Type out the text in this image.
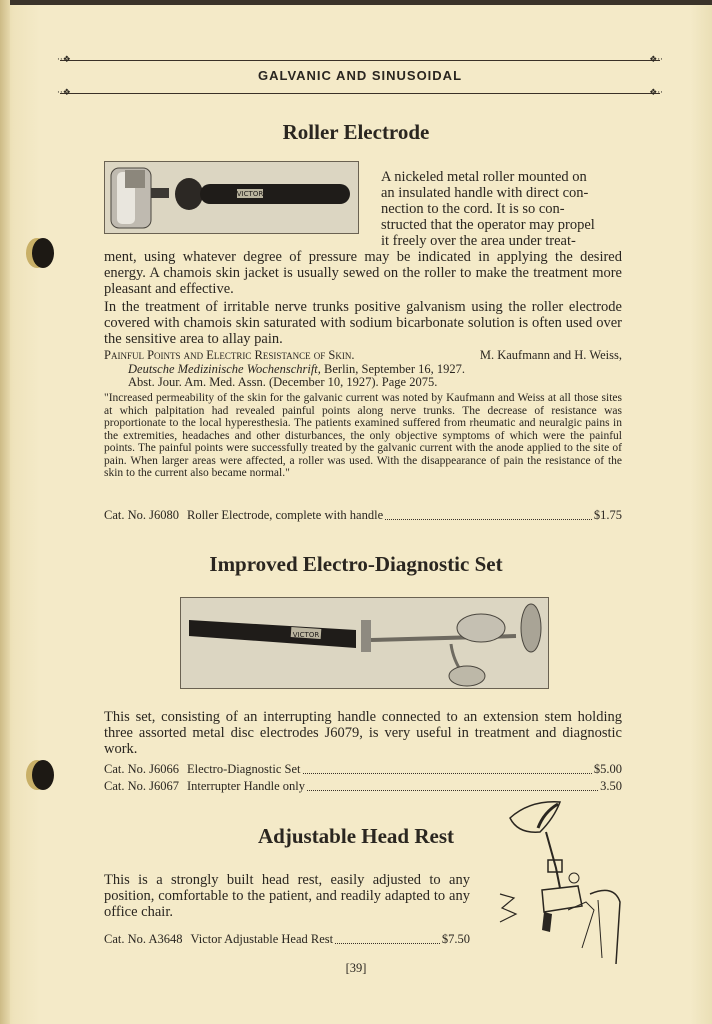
··❖	❖··
GALVANIC AND SINUSOIDAL
··❖	❖··
Roller Electrode
VICTOR
A nickeled metal roller mounted on
an insulated handle with direct con-
nection to the cord. It is so con-
structed that the operator may propel
it freely over the area under treat-
ment, using whatever degree of pressure may be indicated in applying the desired energy. A chamois skin jacket is usually sewed on the roller to make the treatment more pleasant and effective.
In the treatment of irritable nerve trunks positive galvanism using the roller electrode covered with chamois skin saturated with sodium bicarbonate solution is often used over the sensitive area to allay pain.
Painful Points and Electric Resistance of Skin.	M. Kaufmann and H. Weiss,
Deutsche Medizinische Wochenschrift, Berlin, September 16, 1927.
Abst. Jour. Am. Med. Assn. (December 10, 1927). Page 2075.
"Increased permeability of the skin for the galvanic current was noted by Kaufmann and Weiss at all those sites at which palpitation had revealed painful points along nerve trunks. The decrease of resistance was proportionate to the local hyperesthesia. The patients examined suffered from rheumatic and neuralgic pains in the extremities, headaches and other disturbances, the only objective symptoms of which were the painful points. The painful points were successfully treated by the galvanic current with the anode applied to the site of pain. When larger areas were affected, a roller was used. With the disappearance of pain the resistance of the skin to the current also became normal."
Cat. No. J6080 Roller Electrode, complete with handle	$1.75
Improved Electro-Diagnostic Set
VICTOR
This set, consisting of an interrupting handle connected to an extension stem holding three assorted metal disc electrodes J6079, is very useful in treatment and diagnostic work.
Cat. No. J6066 Electro-Diagnostic Set	$5.00
Cat. No. J6067 Interrupter Handle only	3.50
Adjustable Head Rest
This is a strongly built head rest, easily adjusted to any position, comfortable to the patient, and readily adapted to any office chair.
Cat. No. A3648 Victor Adjustable Head Rest	$7.50
[39]
